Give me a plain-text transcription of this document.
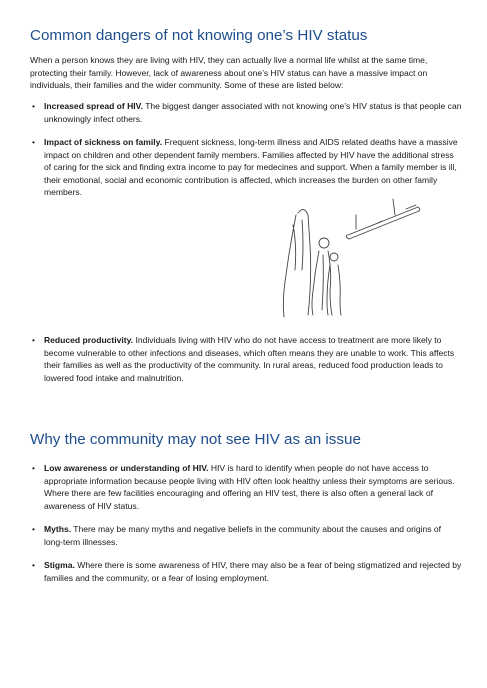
Common dangers of not knowing one’s HIV status

When a person knows they are living with HIV, they can actually live a normal life whilst at the same time, protecting their family. However, lack of awareness about one’s HIV status can have a massive impact on individuals, their families and the wider community. Some of these are listed below:

• Increased spread of HIV. The biggest danger associated with not knowing one’s HIV status is that people can unknowingly infect others.
• Impact of sickness on family. Frequent sickness, long-term illness and AIDS related deaths have a massive impact on children and other dependent family members. Families affected by HIV have the additional stress of caring for the sick and finding extra income to pay for medecines and support. When a family member is ill, their emotional, social and economic contribution is affected, which increases the burden on other family members.
• Reduced productivity. Individuals living with HIV who do not have access to treatment are more likely to become vulnerable to other infections and diseases, which often means they are unable to work. This affects their families as well as the productivity of the community. In rural areas, reduced food production leads to lowered food intake and malnutrition.
Why the community may not see HIV as an issue
• Low awareness or understanding of HIV. HIV is hard to identify when people do not have access to appropriate information because people living with HIV often look healthy unless their symptoms are serious. Where there are few facilities encouraging and offering an HIV test, there is also often a general lack of awareness of HIV status.
• Myths. There may be many myths and negative beliefs in the community about the causes and origins of long-term illnesses.
• Stigma. Where there is some awareness of HIV, there may also be a fear of being stigmatized and rejected by families and the community, or a fear of losing employment.
